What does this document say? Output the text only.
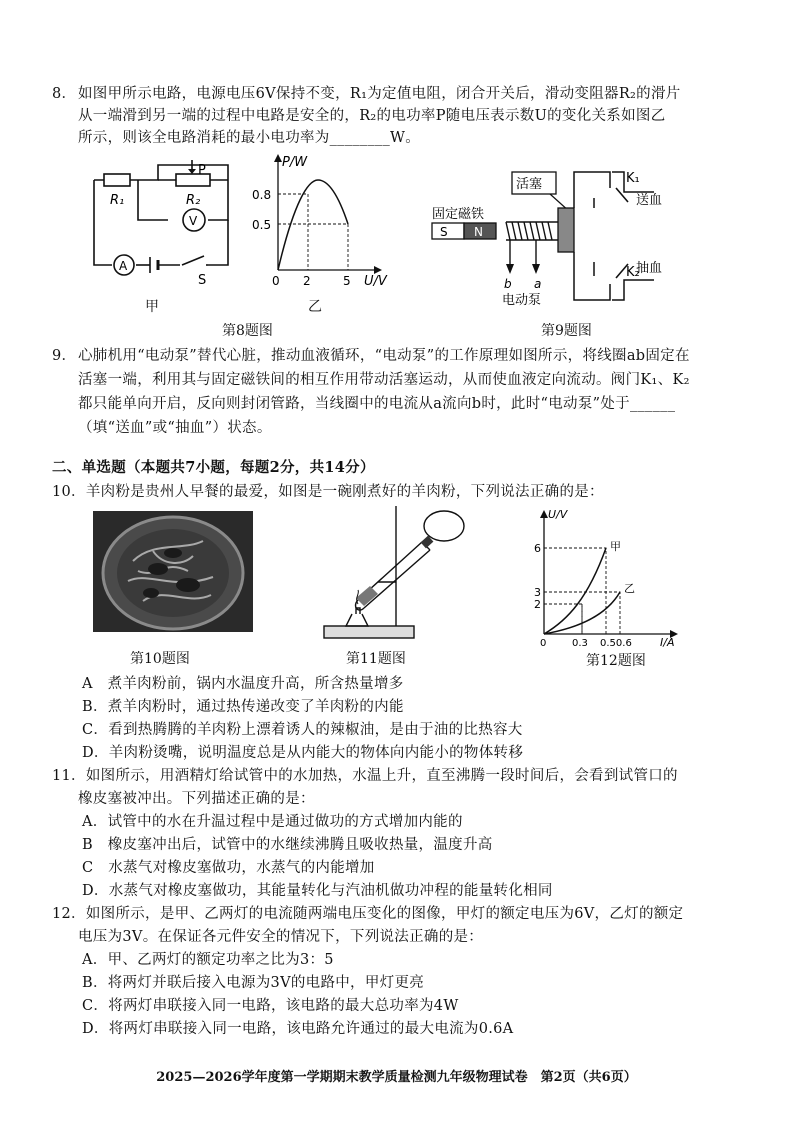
8． 如图甲所示电路，电源电压6V保持不变，R₁为定值电阻，闭合开关后，滑动变阻器R₂的滑片
从一端滑到另一端的过程中电路是安全的，R₂的电功率P随电压表示数U的变化关系如图乙
所示，则该全电路消耗的最小电功率为________W。
P
R₁	R₂
V
A
S
甲
P/W
0.8
0.5
0 2	5 U/V
乙
第8题图
活塞
固定磁铁
S N
b a
电动泵
K₁
K₂
送血
抽血
第9题图
9． 心肺机用“电动泵”替代心脏，推动血液循环，“电动泵”的工作原理如图所示，将线圈ab固定在
活塞一端，利用其与固定磁铁间的相互作用带动活塞运动，从而使血液定向流动。阀门K₁、K₂
都只能单向开启，反向则封闭管路，当线圈中的电流从a流向b时，此时“电动泵”处于______
（填“送血”或“抽血”）状态。
二、单选题（本题共7小题，每题2分，共14分）
10．羊肉粉是贵州人早餐的最爱，如图是一碗刚煮好的羊肉粉，下列说法正确的是：
第10题图	第11题图
U/V
6
3
2
甲
乙
0	0.3 0.50.6	I/A
第12题图
A　煮羊肉粉前，锅内水温度升高，所含热量增多
B．煮羊肉粉时，通过热传递改变了羊肉粉的内能
C．看到热腾腾的羊肉粉上漂着诱人的辣椒油，是由于油的比热容大
D．羊肉粉烫嘴，说明温度总是从内能大的物体向内能小的物体转移
11．如图所示，用酒精灯给试管中的水加热，水温上升，直至沸腾一段时间后，会看到试管口的
橡皮塞被冲出。下列描述正确的是：
A．试管中的水在升温过程中是通过做功的方式增加内能的
B　橡皮塞冲出后，试管中的水继续沸腾且吸收热量，温度升高
C　水蒸气对橡皮塞做功，水蒸气的内能增加
D．水蒸气对橡皮塞做功，其能量转化与汽油机做功冲程的能量转化相同
12．如图所示，是甲、乙两灯的电流随两端电压变化的图像，甲灯的额定电压为6V，乙灯的额定
电压为3V。在保证各元件安全的情况下，下列说法正确的是：
A．甲、乙两灯的额定功率之比为3：5
B．将两灯并联后接入电源为3V的电路中，甲灯更亮
C．将两灯串联接入同一电路，该电路的最大总功率为4W
D．将两灯串联接入同一电路，该电路允许通过的最大电流为0.6A
2025—2026学年度第一学期期末教学质量检测九年级物理试卷　第2页（共6页）
